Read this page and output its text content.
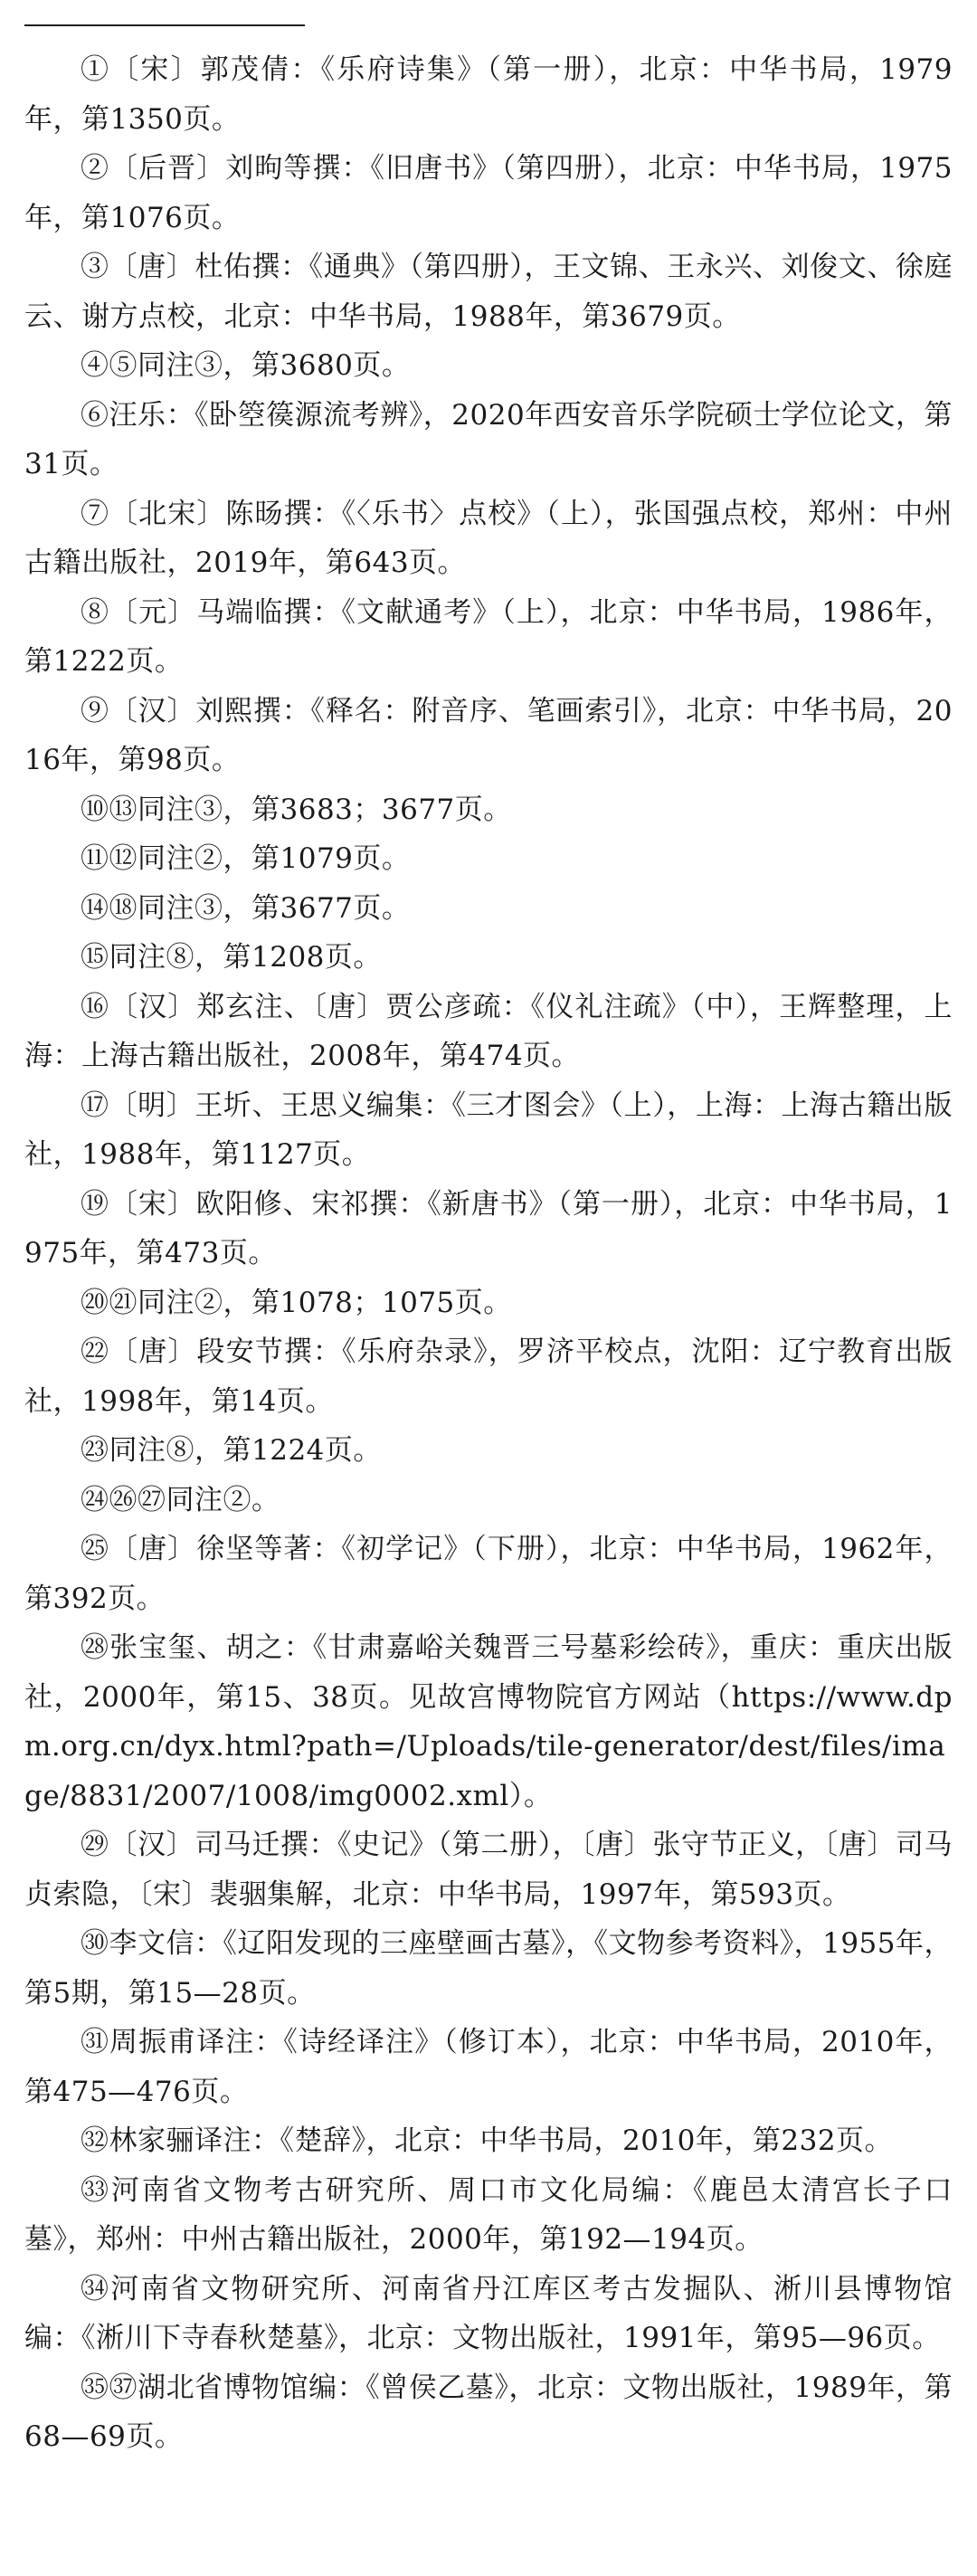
①〔宋〕郭茂倩：《乐府诗集》（第一册），北京：中华书局，1979年，第1350页。

②〔后晋〕刘昫等撰：《旧唐书》（第四册），北京：中华书局，1975年，第1076页。

③〔唐〕杜佑撰：《通典》（第四册），王文锦、王永兴、刘俊文、徐庭云、谢方点校，北京：中华书局，1988年，第3679页。

④⑤同注③，第3680页。

⑥汪乐：《卧箜篌源流考辨》，2020年西安音乐学院硕士学位论文，第31页。

⑦〔北宋〕陈旸撰：《〈乐书〉点校》（上），张国强点校，郑州：中州古籍出版社，2019年，第643页。

⑧〔元〕马端临撰：《文献通考》（上），北京：中华书局，1986年，第1222页。

⑨〔汉〕刘熙撰：《释名：附音序、笔画索引》，北京：中华书局，2016年，第98页。

⑩⑬同注③，第3683；3677页。

⑪⑫同注②，第1079页。

⑭⑱同注③，第3677页。

⑮同注⑧，第1208页。

⑯〔汉〕郑玄注、〔唐〕贾公彦疏：《仪礼注疏》（中），王辉整理，上海：上海古籍出版社，2008年，第474页。

⑰〔明〕王圻、王思义编集：《三才图会》（上），上海：上海古籍出版社，1988年，第1127页。

⑲〔宋〕欧阳修、宋祁撰：《新唐书》（第一册），北京：中华书局，1975年，第473页。

⑳㉑同注②，第1078；1075页。

㉒〔唐〕段安节撰：《乐府杂录》，罗济平校点，沈阳：辽宁教育出版社，1998年，第14页。

㉓同注⑧，第1224页。

㉔㉖㉗同注②。

㉕〔唐〕徐坚等著：《初学记》（下册），北京：中华书局，1962年，第392页。

㉘张宝玺、胡之：《甘肃嘉峪关魏晋三号墓彩绘砖》，重庆：重庆出版社，2000年，第15、38页。见故宫博物院官方网站（https://www.dpm.org.cn/dyx.html?path=/Uploads/tile-generator/dest/files/image/8831/2007/1008/img0002.xml）。

㉙〔汉〕司马迁撰：《史记》（第二册），〔唐〕张守节正义，〔唐〕司马贞索隐，〔宋〕裴骃集解，北京：中华书局，1997年，第593页。

㉚李文信：《辽阳发现的三座壁画古墓》，《文物参考资料》，1955年，第5期，第15—28页。

㉛周振甫译注：《诗经译注》（修订本），北京：中华书局，2010年，第475—476页。

㉜林家骊译注：《楚辞》，北京：中华书局，2010年，第232页。

㉝河南省文物考古研究所、周口市文化局编：《鹿邑太清宫长子口墓》，郑州：中州古籍出版社，2000年，第192—194页。

㉞河南省文物研究所、河南省丹江库区考古发掘队、淅川县博物馆编：《淅川下寺春秋楚墓》，北京：文物出版社，1991年，第95—96页。

㉟㊲湖北省博物馆编：《曾侯乙墓》，北京：文物出版社，1989年，第68—69页。
